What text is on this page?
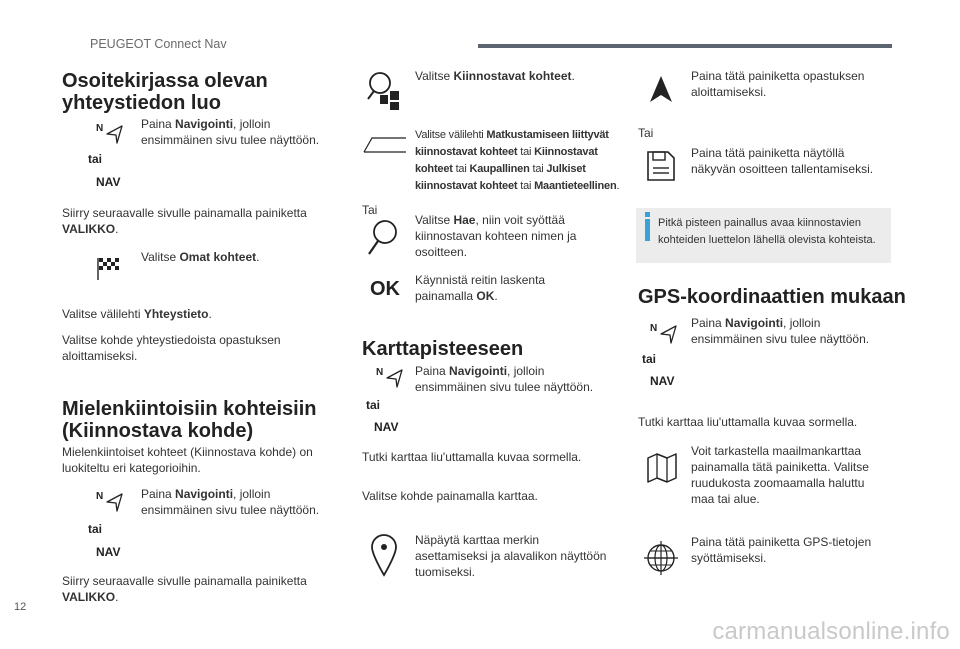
PEUGEOT Connect Nav
Osoitekirjassa olevan yhteystiedon luo
N
tai
NAV
Paina Navigointi, jolloin ensimmäinen sivu tulee näyttöön.
Siirry seuraavalle sivulle painamalla painiketta VALIKKO.
Valitse Omat kohteet.
Valitse välilehti Yhteystieto.
Valitse kohde yhteystiedoista opastuksen aloittamiseksi.
Mielenkiintoisiin kohteisiin (Kiinnostava kohde)
Mielenkiintoiset kohteet (Kiinnostava kohde) on luokiteltu eri kategorioihin.
N
tai
NAV
Paina Navigointi, jolloin ensimmäinen sivu tulee näyttöön.
Siirry seuraavalle sivulle painamalla painiketta VALIKKO.
Valitse Kiinnostavat kohteet.
Valitse välilehti Matkustamiseen liittyvät kiinnostavat kohteet tai Kiinnostavat kohteet tai Kaupallinen tai Julkiset kiinnostavat kohteet tai Maantieteellinen.
Tai
Valitse Hae, niin voit syöttää kiinnostavan kohteen nimen ja osoitteen.
OK Käynnistä reitin laskenta painamalla OK.
Karttapisteeseen
N
tai
NAV
Paina Navigointi, jolloin ensimmäinen sivu tulee näyttöön.
Tutki karttaa liu'uttamalla kuvaa sormella.
Valitse kohde painamalla karttaa.
Näpäytä karttaa merkin asettamiseksi ja alavalikon näyttöön tuomiseksi.
Paina tätä painiketta opastuksen aloittamiseksi.
Tai
Paina tätä painiketta näytöllä näkyvän osoitteen tallentamiseksi.
Pitkä pisteen painallus avaa kiinnostavien kohteiden luettelon lähellä olevista kohteista.
GPS-koordinaattien mukaan
N
tai
NAV
Paina Navigointi, jolloin ensimmäinen sivu tulee näyttöön.
Tutki karttaa liu'uttamalla kuvaa sormella.
Voit tarkastella maailmankarttaa painamalla tätä painiketta. Valitse ruudukosta zoomaamalla haluttu maa tai alue.
Paina tätä painiketta GPS-tietojen syöttämiseksi.
12
carmanualsonline.info
